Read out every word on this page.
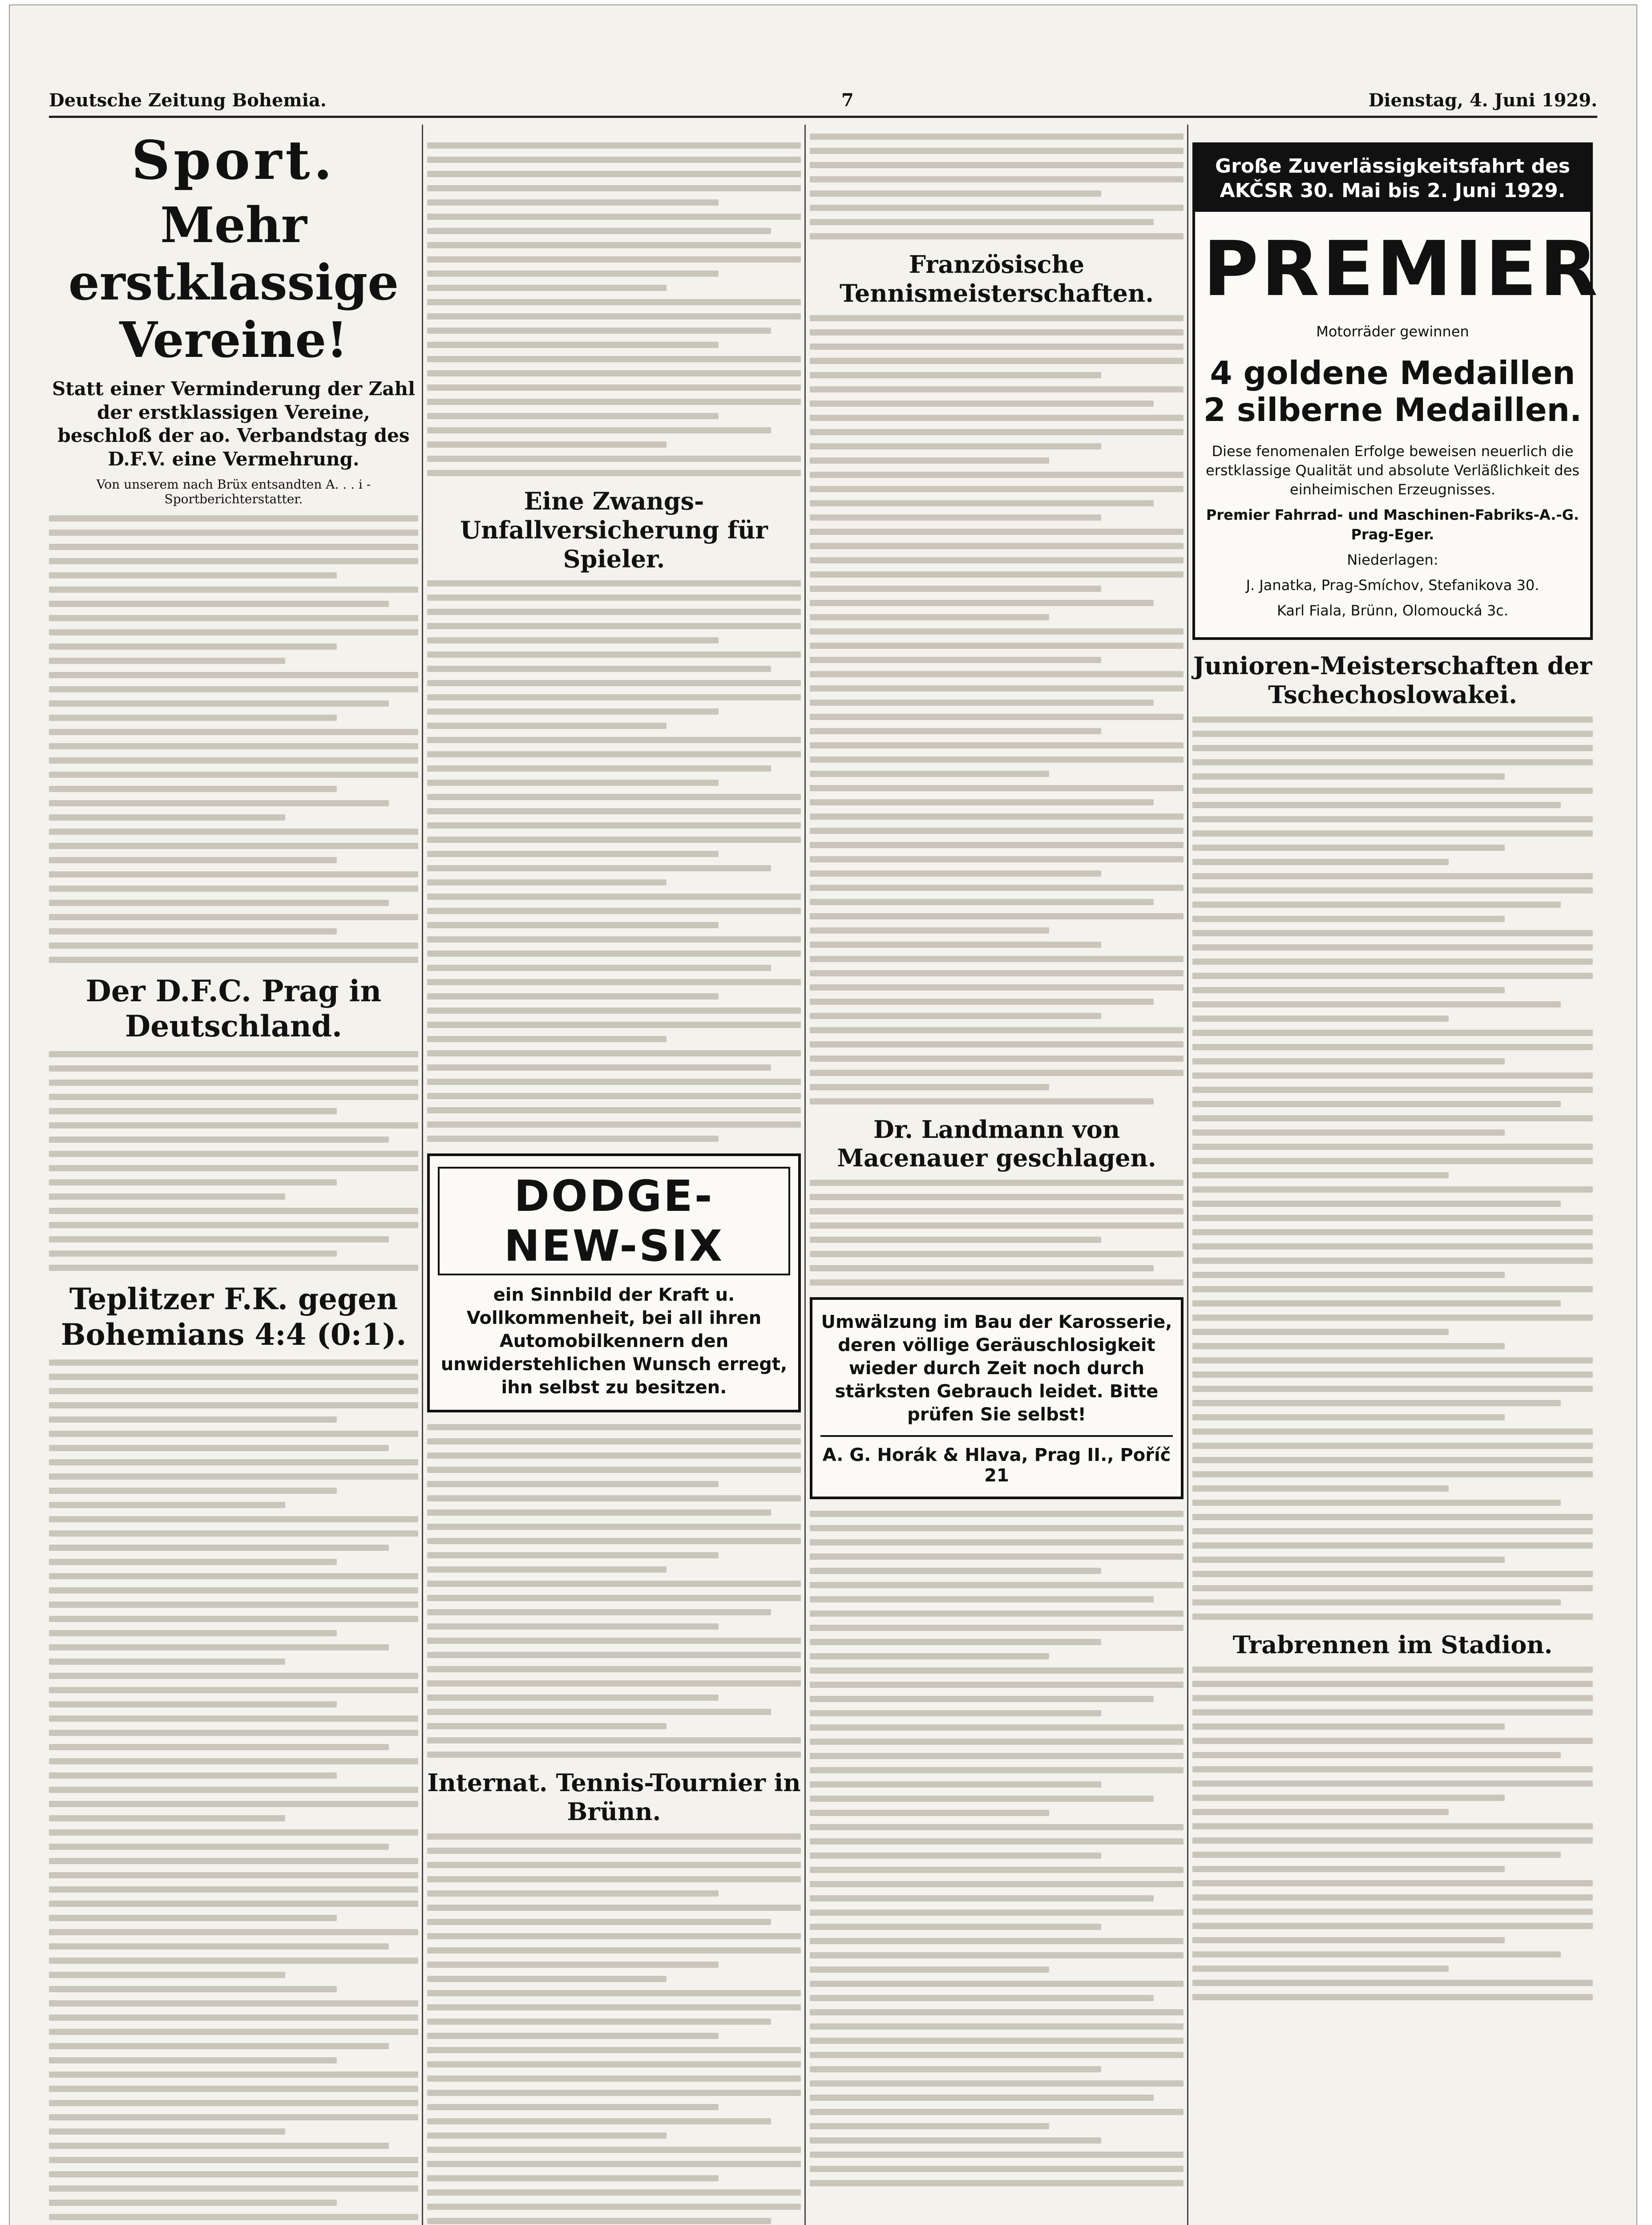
Deutsche Zeitung Bohemia.	7	Dienstag, 4. Juni 1929.
Sport.
Mehr erstklassige Vereine!
Statt einer Verminderung der Zahl der erstklassigen Vereine, beschloß der ao. Verbandstag des D.F.V. eine Vermehrung.
Von unserem nach Brüx entsandten A. . . i - Sportberichterstatter.
Der D.F.C. Prag in Deutschland.
Teplitzer F.K. gegen Bohemians 4:4 (0:1).
Eine Zwangs-Unfallversicherung für Spieler.
DODGE-NEW-SIX
ein Sinnbild der Kraft u. Vollkommenheit, bei all ihren Automobilkennern den unwiderstehlichen Wunsch erregt, ihn selbst zu besitzen.
Internat. Tennis-Tournier in Brünn.
Französische Tennismeisterschaften.
Dr. Landmann von Macenauer geschlagen.
Umwälzung im Bau der Karosserie, deren völlige Geräuschlosigkeit wieder durch Zeit noch durch stärksten Gebrauch leidet. Bitte prüfen Sie selbst!
A. G. Horák & Hlava, Prag II., Poříč 21
Große Zuverlässigkeitsfahrt des AKČSR 30. Mai bis 2. Juni 1929.
PREMIER
Motorräder gewinnen
4 goldene Medaillen 2 silberne Medaillen.
Diese fenomenalen Erfolge beweisen neuerlich die erstklassige Qualität und absolute Verläßlichkeit des einheimischen Erzeugnisses.
Premier Fahrrad- und Maschinen-Fabriks-A.-G. Prag-Eger.
Niederlagen:
J. Janatka, Prag-Smíchov, Stefanikova 30.
Karl Fiala, Brünn, Olomoucká 3c.
Junioren-Meisterschaften der Tschechoslowakei.
Trabrennen im Stadion.
